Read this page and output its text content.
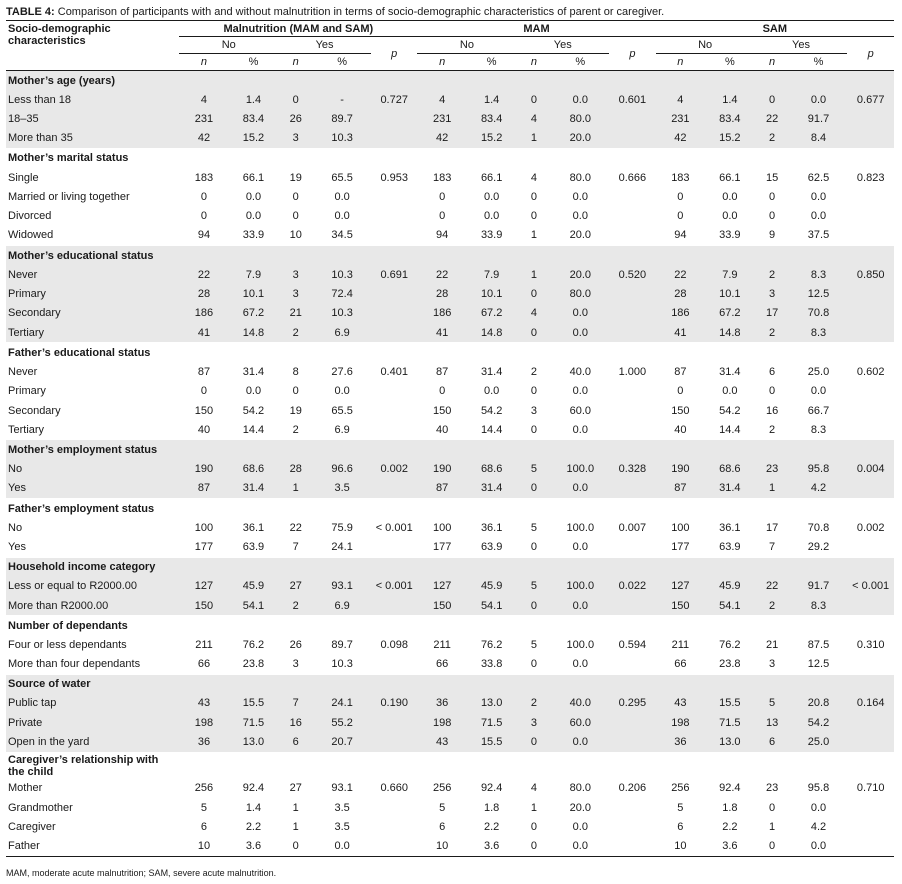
TABLE 4: Comparison of participants with and without malnutrition in terms of socio-demographic characteristics of parent or caregiver.
Socio-demographic characteristics	Malnutrition (MAM and SAM)					MAM					SAM				
	No		Yes		p	No		Yes		p	No		Yes		p
	n	%	n	%		n	%	n	%		n	%	n	%	
Mother’s age (years)															
Less than 18	4	1.4	0	-	0.727	4	1.4	0	0.0	0.601	4	1.4	0	0.0	0.677
18–35	231	83.4	26	89.7		231	83.4	4	80.0		231	83.4	22	91.7	
More than 35	42	15.2	3	10.3		42	15.2	1	20.0		42	15.2	2	8.4	
Mother’s marital status															
Single	183	66.1	19	65.5	0.953	183	66.1	4	80.0	0.666	183	66.1	15	62.5	0.823
Married or living together	0	0.0	0	0.0		0	0.0	0	0.0		0	0.0	0	0.0	
Divorced	0	0.0	0	0.0		0	0.0	0	0.0		0	0.0	0	0.0	
Widowed	94	33.9	10	34.5		94	33.9	1	20.0		94	33.9	9	37.5	
Mother’s educational status															
Never	22	7.9	3	10.3	0.691	22	7.9	1	20.0	0.520	22	7.9	2	8.3	0.850
Primary	28	10.1	3	72.4		28	10.1	0	80.0		28	10.1	3	12.5	
Secondary	186	67.2	21	10.3		186	67.2	4	0.0		186	67.2	17	70.8	
Tertiary	41	14.8	2	6.9		41	14.8	0	0.0		41	14.8	2	8.3	
Father’s educational status															
Never	87	31.4	8	27.6	0.401	87	31.4	2	40.0	1.000	87	31.4	6	25.0	0.602
Primary	0	0.0	0	0.0		0	0.0	0	0.0		0	0.0	0	0.0	
Secondary	150	54.2	19	65.5		150	54.2	3	60.0		150	54.2	16	66.7	
Tertiary	40	14.4	2	6.9		40	14.4	0	0.0		40	14.4	2	8.3	
Mother’s employment status															
No	190	68.6	28	96.6	0.002	190	68.6	5	100.0	0.328	190	68.6	23	95.8	0.004
Yes	87	31.4	1	3.5		87	31.4	0	0.0		87	31.4	1	4.2	
Father’s employment status															
No	100	36.1	22	75.9	< 0.001	100	36.1	5	100.0	0.007	100	36.1	17	70.8	0.002
Yes	177	63.9	7	24.1		177	63.9	0	0.0		177	63.9	7	29.2	
Household income category															
Less or equal to R2000.00	127	45.9	27	93.1	< 0.001	127	45.9	5	100.0	0.022	127	45.9	22	91.7	< 0.001
More than R2000.00	150	54.1	2	6.9		150	54.1	0	0.0		150	54.1	2	8.3	
Number of dependants															
Four or less dependants	211	76.2	26	89.7	0.098	211	76.2	5	100.0	0.594	211	76.2	21	87.5	0.310
More than four dependants	66	23.8	3	10.3		66	33.8	0	0.0		66	23.8	3	12.5	
Source of water															
Public tap	43	15.5	7	24.1	0.190	36	13.0	2	40.0	0.295	43	15.5	5	20.8	0.164
Private	198	71.5	16	55.2		198	71.5	3	60.0		198	71.5	13	54.2	
Open in the yard	36	13.0	6	20.7		43	15.5	0	0.0		36	13.0	6	25.0	
Caregiver’s relationship with the child															
Mother	256	92.4	27	93.1	0.660	256	92.4	4	80.0	0.206	256	92.4	23	95.8	0.710
Grandmother	5	1.4	1	3.5		5	1.8	1	20.0		5	1.8	0	0.0	
Caregiver	6	2.2	1	3.5		6	2.2	0	0.0		6	2.2	1	4.2	
Father	10	3.6	0	0.0		10	3.6	0	0.0		10	3.6	0	0.0	
MAM, moderate acute malnutrition; SAM, severe acute malnutrition.
